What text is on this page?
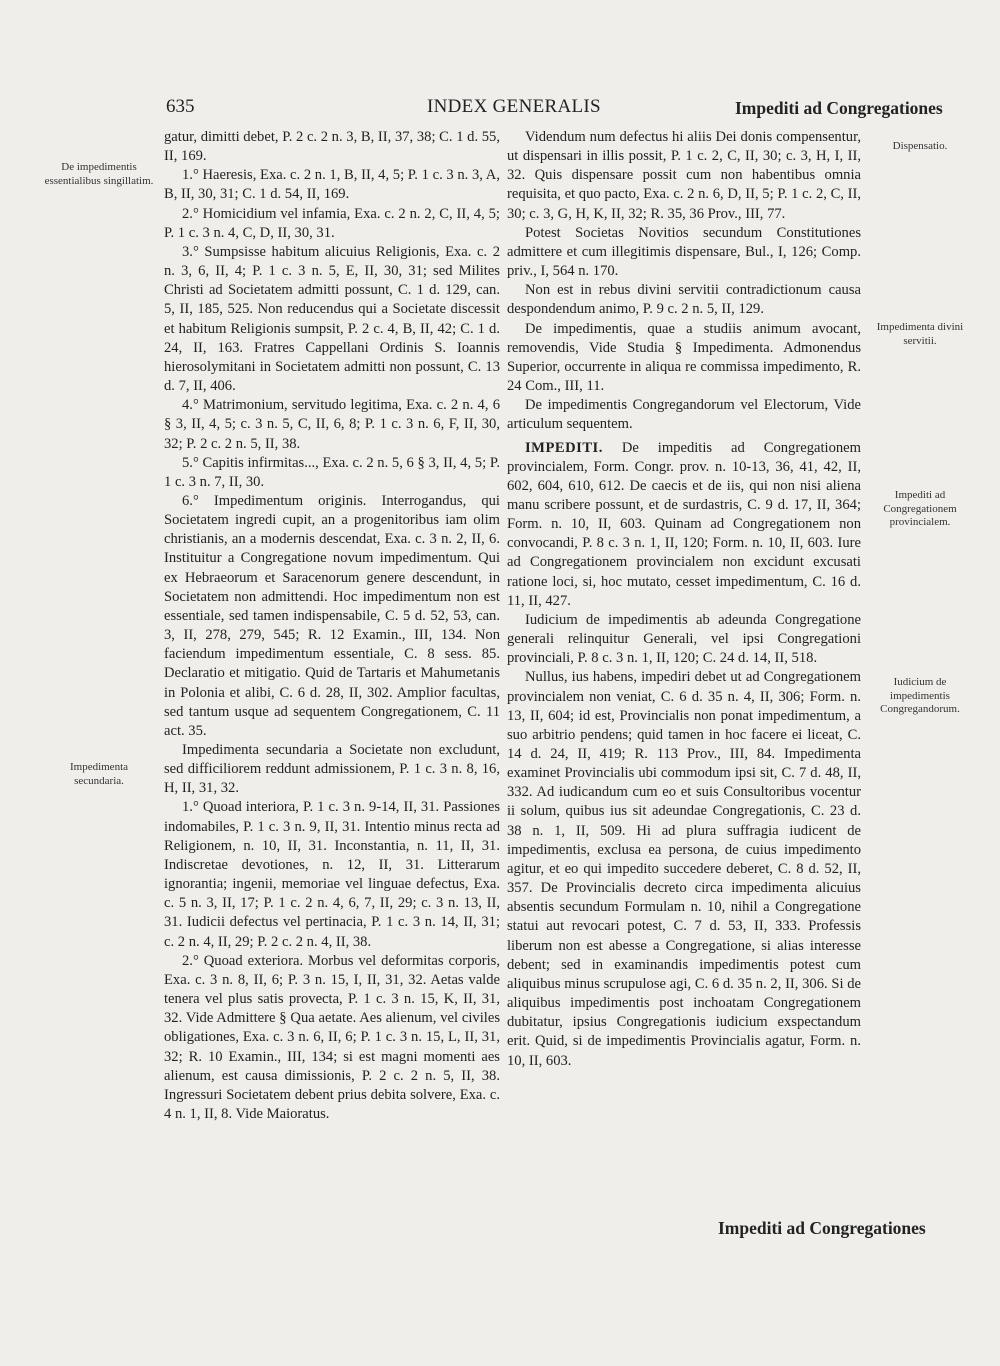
635	INDEX GENERALIS	Impediti ad Congregationes
De impedimentis essentialibus singillatim.
Impedimenta secundaria.
Dispensatio.
Impedimenta divini servitii.
Impediti ad Congregationem provincialem.
Iudicium de impedimentis Congregandorum.

gatur, dimitti debet, P. 2 c. 2 n. 3, B, II, 37, 38; C. 1 d. 55, II, 169.

1.° Haeresis, Exa. c. 2 n. 1, B, II, 4, 5; P. 1 c. 3 n. 3, A, B, II, 30, 31; C. 1 d. 54, II, 169.

2.° Homicidium vel infamia, Exa. c. 2 n. 2, C, II, 4, 5; P. 1 c. 3 n. 4, C, D, II, 30, 31.

3.° Sumpsisse habitum alicuius Religionis, Exa. c. 2 n. 3, 6, II, 4; P. 1 c. 3 n. 5, E, II, 30, 31; sed Milites Christi ad Societatem admitti possunt, C. 1 d. 129, can. 5, II, 185, 525. Non reducendus qui a Societate discessit et habitum Religionis sumpsit, P. 2 c. 4, B, II, 42; C. 1 d. 24, II, 163. Fratres Cappellani Ordinis S. Ioannis hierosolymitani in Societatem admitti non possunt, C. 13 d. 7, II, 406.

4.° Matrimonium, servitudo legitima, Exa. c. 2 n. 4, 6 § 3, II, 4, 5; c. 3 n. 5, C, II, 6, 8; P. 1 c. 3 n. 6, F, II, 30, 32; P. 2 c. 2 n. 5, II, 38.

5.° Capitis infirmitas..., Exa. c. 2 n. 5, 6 § 3, II, 4, 5; P. 1 c. 3 n. 7, II, 30.

6.° Impedimentum originis. Interrogandus, qui Societatem ingredi cupit, an a progenitoribus iam olim christianis, an a modernis descendat, Exa. c. 3 n. 2, II, 6. Instituitur a Congregatione novum impedimentum. Qui ex Hebraeorum et Saracenorum genere descendunt, in Societatem non admittendi. Hoc impedimentum non est essentiale, sed tamen indispensabile, C. 5 d. 52, 53, can. 3, II, 278, 279, 545; R. 12 Examin., III, 134. Non faciendum impedimentum essentiale, C. 8 sess. 85. Declaratio et mitigatio. Quid de Tartaris et Mahumetanis in Polonia et alibi, C. 6 d. 28, II, 302. Amplior facultas, sed tantum usque ad sequentem Congregationem, C. 11 act. 35.

Impedimenta secundaria a Societate non excludunt, sed difficiliorem reddunt admissionem, P. 1 c. 3 n. 8, 16, H, II, 31, 32.

1.° Quoad interiora, P. 1 c. 3 n. 9-14, II, 31. Passiones indomabiles, P. 1 c. 3 n. 9, II, 31. Intentio minus recta ad Religionem, n. 10, II, 31. Inconstantia, n. 11, II, 31. Indiscretae devotiones, n. 12, II, 31. Litterarum ignorantia; ingenii, memoriae vel linguae defectus, Exa. c. 5 n. 3, II, 17; P. 1 c. 2 n. 4, 6, 7, II, 29; c. 3 n. 13, II, 31. Iudicii defectus vel pertinacia, P. 1 c. 3 n. 14, II, 31; c. 2 n. 4, II, 29; P. 2 c. 2 n. 4, II, 38.

2.° Quoad exteriora. Morbus vel deformitas corporis, Exa. c. 3 n. 8, II, 6; P. 3 n. 15, I, II, 31, 32. Aetas valde tenera vel plus satis provecta, P. 1 c. 3 n. 15, K, II, 31, 32. Vide Admittere § Qua aetate. Aes alienum, vel civiles obligationes, Exa. c. 3 n. 6, II, 6; P. 1 c. 3 n. 15, L, II, 31, 32; R. 10 Examin., III, 134; si est magni momenti aes alienum, est causa dimissionis, P. 2 c. 2 n. 5, II, 38. Ingressuri Societatem debent prius debita solvere, Exa. c. 4 n. 1, II, 8. Vide Maioratus.

Videndum num defectus hi aliis Dei donis compensentur, ut dispensari in illis possit, P. 1 c. 2, C, II, 30; c. 3, H, I, II, 32. Quis dispensare possit cum non habentibus omnia requisita, et quo pacto, Exa. c. 2 n. 6, D, II, 5; P. 1 c. 2, C, II, 30; c. 3, G, H, K, II, 32; R. 35, 36 Prov., III, 77.

Potest Societas Novitios secundum Constitutiones admittere et cum illegitimis dispensare, Bul., I, 126; Comp. priv., I, 564 n. 170.

Non est in rebus divini servitii contradictionum causa despondendum animo, P. 9 c. 2 n. 5, II, 129.

De impedimentis, quae a studiis animum avocant, removendis, Vide Studia § Impedimenta. Admonendus Superior, occurrente in aliqua re commissa impedimento, R. 24 Com., III, 11.

De impedimentis Congregandorum vel Electorum, Vide articulum sequentem.

IMPEDITI. De impeditis ad Congregationem provincialem, Form. Congr. prov. n. 10-13, 36, 41, 42, II, 602, 604, 610, 612. De caecis et de iis, qui non nisi aliena manu scribere possunt, et de surdastris, C. 9 d. 17, II, 364; Form. n. 10, II, 603. Quinam ad Congregationem non convocandi, P. 8 c. 3 n. 1, II, 120; Form. n. 10, II, 603. Iure ad Congregationem provincialem non excidunt excusati ratione loci, si, hoc mutato, cesset impedimentum, C. 16 d. 11, II, 427.

Iudicium de impedimentis ab adeunda Congregatione generali relinquitur Generali, vel ipsi Congregationi provinciali, P. 8 c. 3 n. 1, II, 120; C. 24 d. 14, II, 518.

Nullus, ius habens, impediri debet ut ad Congregationem provincialem non veniat, C. 6 d. 35 n. 4, II, 306; Form. n. 13, II, 604; id est, Provincialis non ponat impedimentum, a suo arbitrio pendens; quid tamen in hoc facere ei liceat, C. 14 d. 24, II, 419; R. 113 Prov., III, 84. Impedimenta examinet Provincialis ubi commodum ipsi sit, C. 7 d. 48, II, 332. Ad iudicandum cum eo et suis Consultoribus vocentur ii solum, quibus ius sit adeundae Congregationis, C. 23 d. 38 n. 1, II, 509. Hi ad plura suffragia iudicent de impedimentis, exclusa ea persona, de cuius impedimento agitur, et eo qui impedito succedere deberet, C. 8 d. 52, II, 357. De Provincialis decreto circa impedimenta alicuius absentis secundum Formulam n. 10, nihil a Congregatione statui aut revocari potest, C. 7 d. 53, II, 333. Professis liberum non est abesse a Congregatione, si alias interesse debent; sed in examinandis impedimentis potest cum aliquibus minus scrupulose agi, C. 6 d. 35 n. 2, II, 306. Si de aliquibus impedimentis post inchoatam Congregationem dubitatur, ipsius Congregationis iudicium exspectandum erit. Quid, si de impedimentis Provincialis agatur, Form. n. 10, II, 603.

Impediti ad Congregationes
